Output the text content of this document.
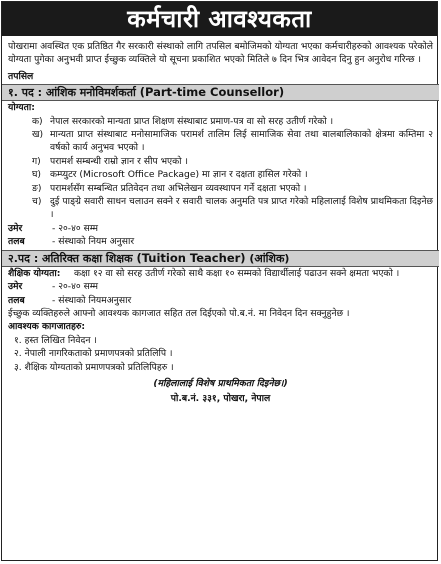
कर्मचारी आवश्यकता

पोखरामा अवस्थित एक प्रतिष्ठित गैर सरकारी संस्थाको लागि तपसिल बमोजिमको योग्यता भएका कर्मचारीहरुको आवश्यक परेकोले योग्यता पुगेका अनुभवी प्राप्त ईच्छुक व्यक्तिले यो सूचना प्रकाशित भएको मितिले ७ दिन भित्र आवेदन दिनु हुन अनुरोध गरिन्छ ।

तपसिल
१. पद : आंशिक मनोविमर्शकर्ता (Part-time Counsellor)
योग्यता:
क) नेपाल सरकारको मान्यता प्राप्त शिक्षण संस्थाबाट प्रमाण-पत्र वा सो सरह उतीर्ण गरेको ।
ख) मान्यता प्राप्त संस्थाबाट मनोसामाजिक परामर्श तालिम लिई सामाजिक सेवा तथा बालबालिकाको क्षेत्रमा कम्तिमा २ वर्षको कार्य अनुभव भएको ।
ग) परामर्श सम्बन्धी राम्रो ज्ञान र सीप भएको ।
घ) कम्प्युटर (Microsoft Office Package) मा ज्ञान र दक्षता हासिल गरेको ।
ङ) परामर्शसँग सम्बन्धित प्रतिवेदन तथा अभिलेखन व्यवस्थापन गर्ने दक्षता भएको ।
च) दुई पाङ्ग्रे सवारी साधन चलाउन सक्ने र सवारी चालक अनुमति पत्र प्राप्त गरेको महिलालाई विशेष प्राथमिकता दिइनेछ ।
उमेर	- २०-४० सम्म
तलब	- संस्थाको नियम अनुसार
२.पद : अतिरिक्त कक्षा शिक्षक (Tuition Teacher) (आंशिक)
शैक्षिक योग्यता:	कक्षा १२ वा सो सरह उतीर्ण गरेको साथै कक्षा १० सम्मको विद्यार्थीलाई पढाउन सक्ने क्षमता भएको ।
उमेर	- २०-४० सम्म
तलब	- संस्थाको नियमअनुसार
ईच्छुक व्यक्तिहरुले आफ्नो आवश्यक कागजात सहित तल दिईएको पो.ब.नं. मा निवेदन दिन सक्नुहुनेछ ।
आवश्यक कागजातहरु:
१. हस्त लिखित निवेदन ।
२. नेपाली नागरिकताको प्रमाणपत्रको प्रतिलिपि ।
३. शैक्षिक योग्यताको प्रमाणपत्रको प्रतिलिपिहरु ।
(महिलालाई विशेष प्राथमिकता दिइनेछ।)
पो.ब.नं. ३३१, पोखरा, नेपाल
